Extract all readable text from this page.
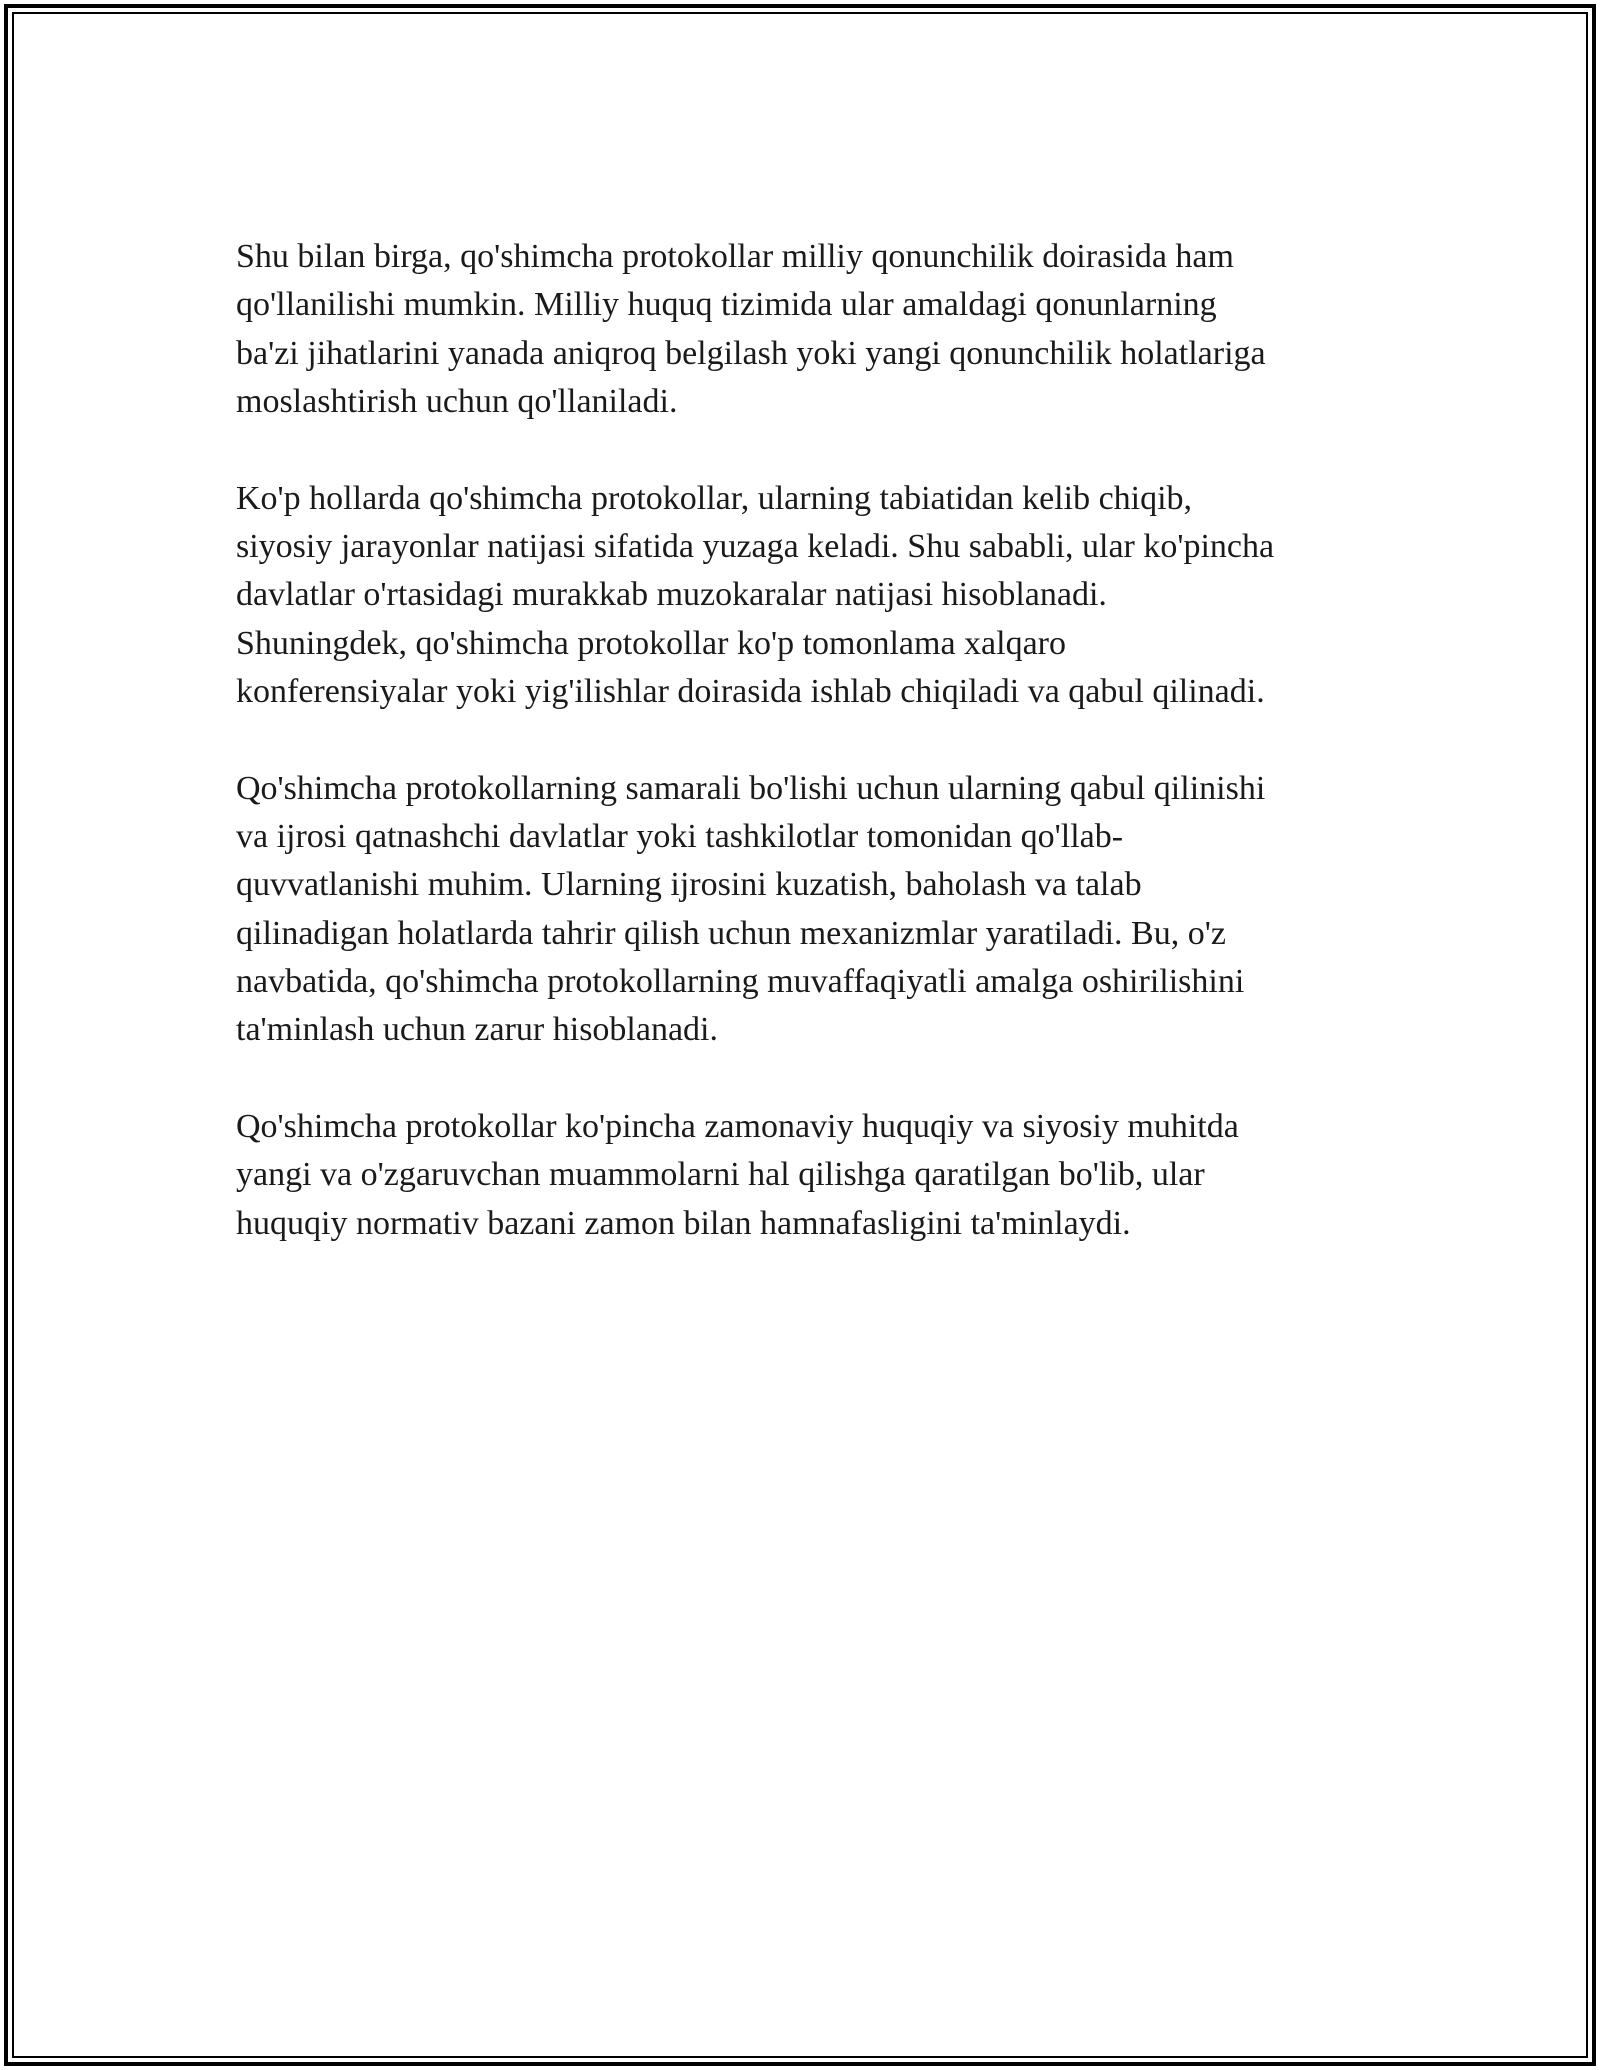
Shu bilan birga, qo'shimcha protokollar milliy qonunchilik doirasida ham
qo'llanilishi mumkin. Milliy huquq tizimida ular amaldagi qonunlarning
ba'zi jihatlarini yanada aniqroq belgilash yoki yangi qonunchilik holatlariga
moslashtirish uchun qo'llaniladi.

Ko'p hollarda qo'shimcha protokollar, ularning tabiatidan kelib chiqib,
siyosiy jarayonlar natijasi sifatida yuzaga keladi. Shu sababli, ular ko'pincha
davlatlar o'rtasidagi murakkab muzokaralar natijasi hisoblanadi.
Shuningdek, qo'shimcha protokollar ko'p tomonlama xalqaro
konferensiyalar yoki yig'ilishlar doirasida ishlab chiqiladi va qabul qilinadi.

Qo'shimcha protokollarning samarali bo'lishi uchun ularning qabul qilinishi
va ijrosi qatnashchi davlatlar yoki tashkilotlar tomonidan qo'llab-
quvvatlanishi muhim. Ularning ijrosini kuzatish, baholash va talab
qilinadigan holatlarda tahrir qilish uchun mexanizmlar yaratiladi. Bu, o'z
navbatida, qo'shimcha protokollarning muvaffaqiyatli amalga oshirilishini
ta'minlash uchun zarur hisoblanadi.

Qo'shimcha protokollar ko'pincha zamonaviy huquqiy va siyosiy muhitda
yangi va o'zgaruvchan muammolarni hal qilishga qaratilgan bo'lib, ular
huquqiy normativ bazani zamon bilan hamnafasligini ta'minlaydi.
